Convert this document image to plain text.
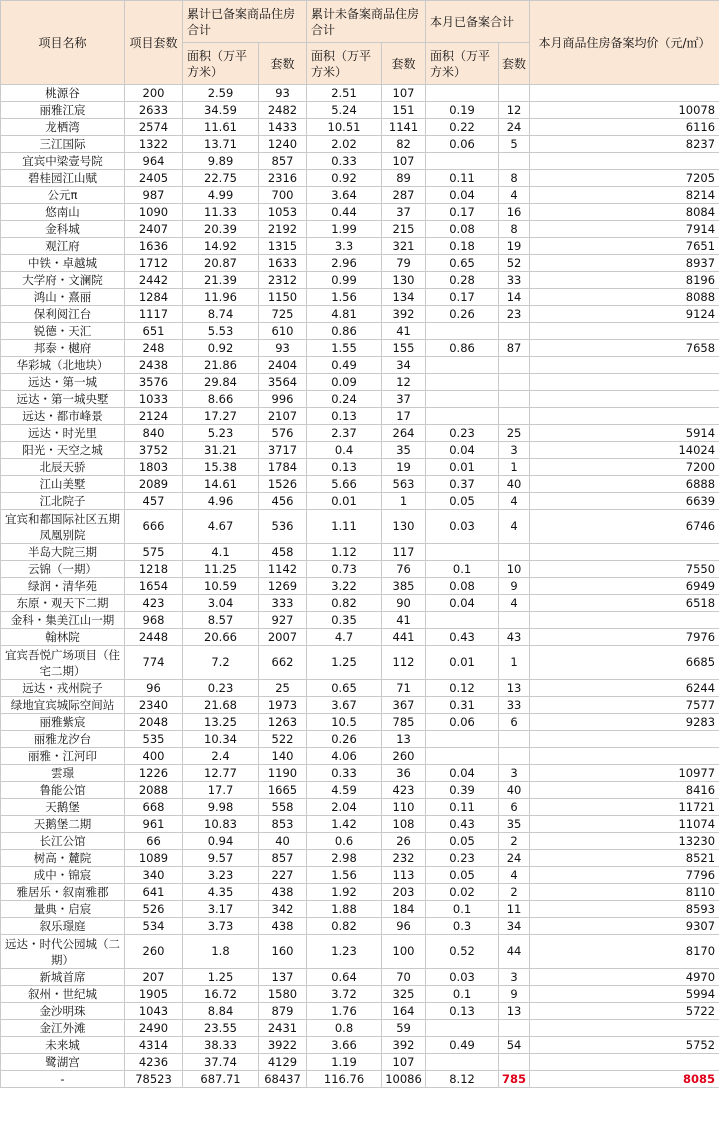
项目名称	项目套数	累计已备案商品住房合计		累计未备案商品住房合计		本月已备案合计		本月商品住房备案均价（元/㎡）
		面积（万平方米）	套数	面积（万平方米）	套数	面积（万平方米）	套数	
桃源谷	200	2.59	93	2.51	107			
丽雅江宸	2633	34.59	2482	5.24	151	0.19	12	10078
龙栖湾	2574	11.61	1433	10.51	1141	0.22	24	6116
三江国际	1322	13.71	1240	2.02	82	0.06	5	8237
宜宾中梁壹号院	964	9.89	857	0.33	107			
碧桂园江山赋	2405	22.75	2316	0.92	89	0.11	8	7205
公元π	987	4.99	700	3.64	287	0.04	4	8214
悠南山	1090	11.33	1053	0.44	37	0.17	16	8084
金科城	2407	20.39	2192	1.99	215	0.08	8	7914
观江府	1636	14.92	1315	3.3	321	0.18	19	7651
中铁・卓越城	1712	20.87	1633	2.96	79	0.65	52	8937
大学府・文澜院	2442	21.39	2312	0.99	130	0.28	33	8196
鸿山・熹丽	1284	11.96	1150	1.56	134	0.17	14	8088
保利阅江台	1117	8.74	725	4.81	392	0.26	23	9124
锐德・天汇	651	5.53	610	0.86	41			
邦泰・樾府	248	0.92	93	1.55	155	0.86	87	7658
华彩城（北地块）	2438	21.86	2404	0.49	34			
远达・第一城	3576	29.84	3564	0.09	12			
远达・第一城央墅	1033	8.66	996	0.24	37			
远达・都市峰景	2124	17.27	2107	0.13	17			
远达・时光里	840	5.23	576	2.37	264	0.23	25	5914
阳光・天空之城	3752	31.21	3717	0.4	35	0.04	3	14024
北辰天骄	1803	15.38	1784	0.13	19	0.01	1	7200
江山美墅	2089	14.61	1526	5.66	563	0.37	40	6888
江北院子	457	4.96	456	0.01	1	0.05	4	6639
宜宾和都国际社区五期凤凰别院	666	4.67	536	1.11	130	0.03	4	6746
半岛大院三期	575	4.1	458	1.12	117			
云锦（一期）	1218	11.25	1142	0.73	76	0.1	10	7550
绿润・清华苑	1654	10.59	1269	3.22	385	0.08	9	6949
东原・观天下二期	423	3.04	333	0.82	90	0.04	4	6518
金科・集美江山一期	968	8.57	927	0.35	41			
翰林院	2448	20.66	2007	4.7	441	0.43	43	7976
宜宾吾悦广场项目（住宅二期）	774	7.2	662	1.25	112	0.01	1	6685
远达・戎州院子	96	0.23	25	0.65	71	0.12	13	6244
绿地宜宾城际空间站	2340	21.68	1973	3.67	367	0.31	33	7577
丽雅紫宸	2048	13.25	1263	10.5	785	0.06	6	9283
丽雅龙汐台	535	10.34	522	0.26	13			
丽雅・江河印	400	2.4	140	4.06	260			
雲璟	1226	12.77	1190	0.33	36	0.04	3	10977
鲁能公馆	2088	17.7	1665	4.59	423	0.39	40	8416
天鹅堡	668	9.98	558	2.04	110	0.11	6	11721
天鹅堡二期	961	10.83	853	1.42	108	0.43	35	11074
长江公馆	66	0.94	40	0.6	26	0.05	2	13230
树高・麓院	1089	9.57	857	2.98	232	0.23	24	8521
成中・锦宸	340	3.23	227	1.56	113	0.05	4	7796
雅居乐・叙南雅郡	641	4.35	438	1.92	203	0.02	2	8110
量典・启宸	526	3.17	342	1.88	184	0.1	11	8593
叙乐璟庭	534	3.73	438	0.82	96	0.3	34	9307
远达・时代公园城（二期）	260	1.8	160	1.23	100	0.52	44	8170
新城首席	207	1.25	137	0.64	70	0.03	3	4970
叙州・世纪城	1905	16.72	1580	3.72	325	0.1	9	5994
金沙明珠	1043	8.84	879	1.76	164	0.13	13	5722
金江外滩	2490	23.55	2431	0.8	59			
未来城	4314	38.33	3922	3.66	392	0.49	54	5752
鹭湖宫	4236	37.74	4129	1.19	107			
-	78523	687.71	68437	116.76	10086	8.12	785	8085
